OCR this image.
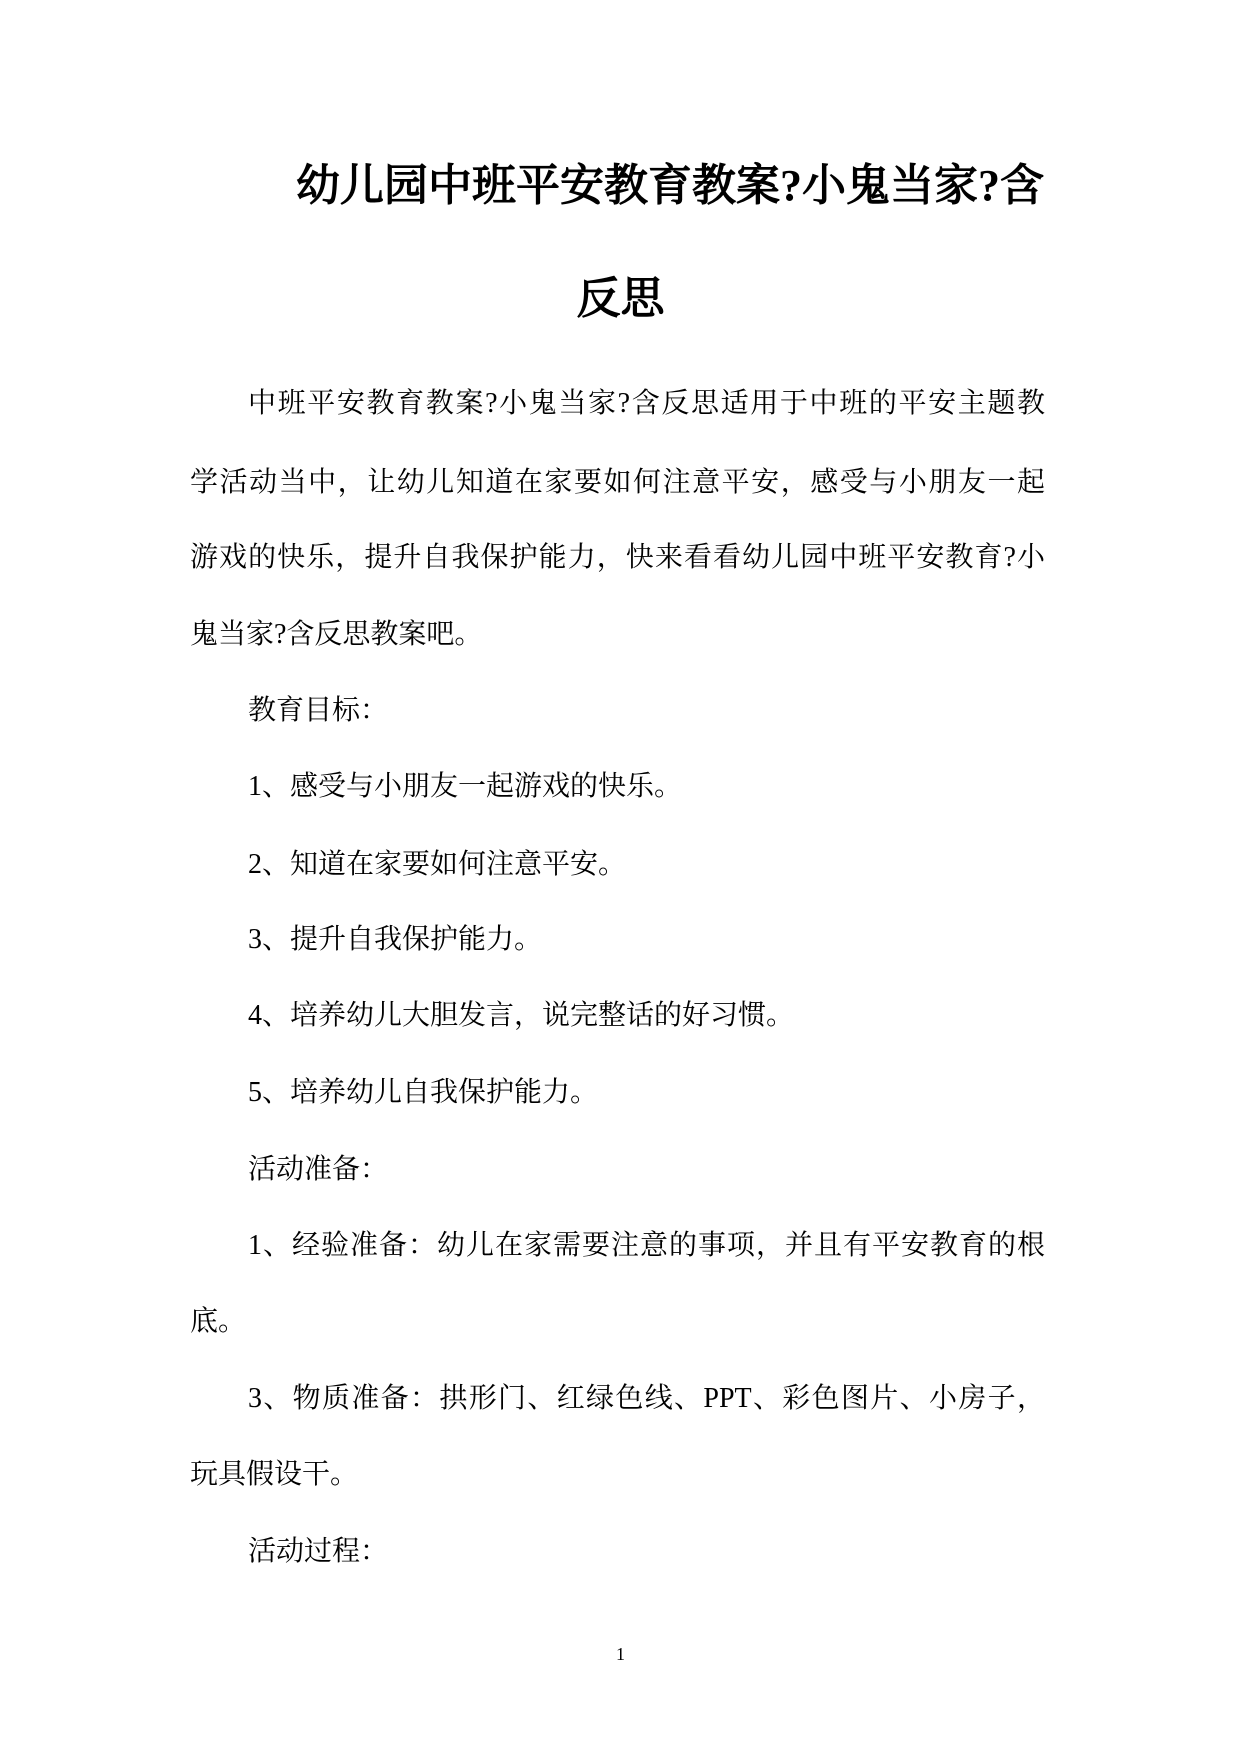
幼儿园中班平安教育教案?小鬼当家?含
反思
中班平安教育教案?小鬼当家?含反思适用于中班的平安主题教
学活动当中，让幼儿知道在家要如何注意平安，感受与小朋友一起
游戏的快乐，提升自我保护能力，快来看看幼儿园中班平安教育?小
鬼当家?含反思教案吧。
教育目标：
1、感受与小朋友一起游戏的快乐。
2、知道在家要如何注意平安。
3、提升自我保护能力。
4、培养幼儿大胆发言，说完整话的好习惯。
5、培养幼儿自我保护能力。
活动准备：
1、经验准备：幼儿在家需要注意的事项，并且有平安教育的根
底。
3、物质准备：拱形门、红绿色线、PPT、彩色图片、小房子，
玩具假设干。
活动过程：
1
